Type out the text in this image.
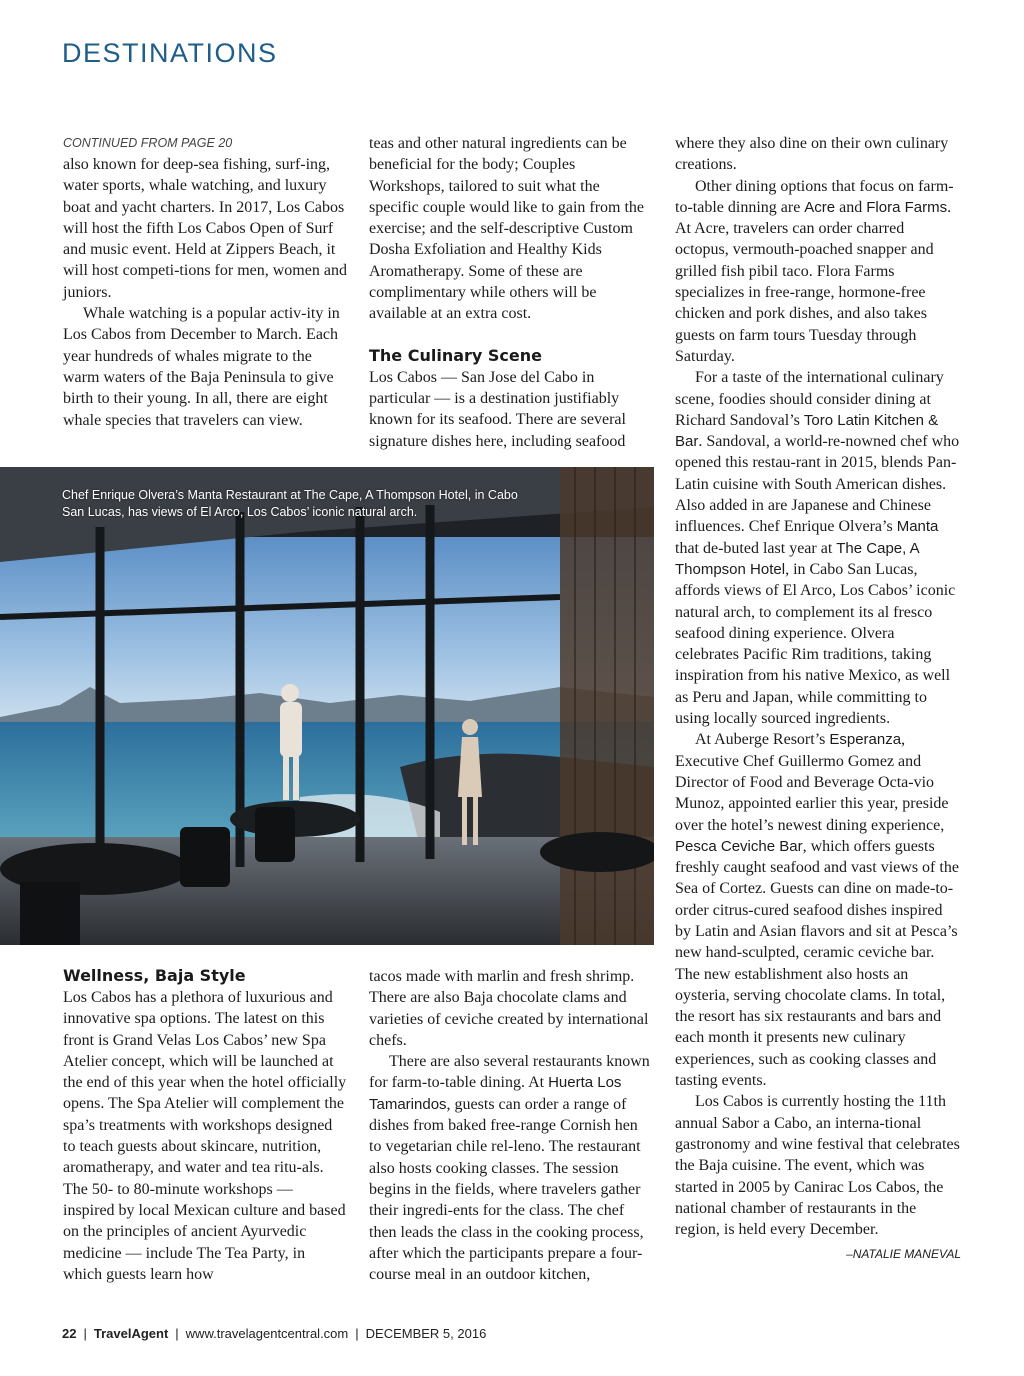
DESTINATIONS
CONTINUED FROM PAGE 20

also known for deep-sea fishing, surf-ing, water sports, whale watching, and luxury boat and yacht charters. In 2017, Los Cabos will host the fifth Los Cabos Open of Surf and music event. Held at Zippers Beach, it will host competi-tions for men, women and juniors.

Whale watching is a popular activ-ity in Los Cabos from December to March. Each year hundreds of whales migrate to the warm waters of the Baja Peninsula to give birth to their young. In all, there are eight whale species that travelers can view.

teas and other natural ingredients can be beneficial for the body; Couples Workshops, tailored to suit what the specific couple would like to gain from the exercise; and the self-descriptive Custom Dosha Exfoliation and Healthy Kids Aromatherapy. Some of these are complimentary while others will be available at an extra cost.

The Culinary Scene

Los Cabos — San Jose del Cabo in particular — is a destination justifiably known for its seafood. There are several signature dishes here, including seafood

Chef Enrique Olvera’s Manta Restaurant at The Cape, A Thompson Hotel, in Cabo San Lucas, has views of El Arco, Los Cabos’ iconic natural arch.
Wellness, Baja Style

Los Cabos has a plethora of luxurious and innovative spa options. The latest on this front is Grand Velas Los Cabos’ new Spa Atelier concept, which will be launched at the end of this year when the hotel officially opens. The Spa Atelier will complement the spa’s treatments with workshops designed to teach guests about skincare, nutrition, aromatherapy, and water and tea ritu-als. The 50- to 80-minute workshops — inspired by local Mexican culture and based on the principles of ancient Ayurvedic medicine — include The Tea Party, in which guests learn how

tacos made with marlin and fresh shrimp. There are also Baja chocolate clams and varieties of ceviche created by international chefs.

There are also several restaurants known for farm-to-table dining. At Huerta Los Tamarindos, guests can order a range of dishes from baked free-range Cornish hen to vegetarian chile rel-leno. The restaurant also hosts cooking classes. The session begins in the fields, where travelers gather their ingredi-ents for the class. The chef then leads the class in the cooking process, after which the participants prepare a four-course meal in an outdoor kitchen,

where they also dine on their own culinary creations.

Other dining options that focus on farm-to-table dinning are Acre and Flora Farms. At Acre, travelers can order charred octopus, vermouth-poached snapper and grilled fish pibil taco. Flora Farms specializes in free-range, hormone-free chicken and pork dishes, and also takes guests on farm tours Tuesday through Saturday.

For a taste of the international culinary scene, foodies should consider dining at Richard Sandoval’s Toro Latin Kitchen & Bar. Sandoval, a world-re-nowned chef who opened this restau-rant in 2015, blends Pan-Latin cuisine with South American dishes. Also added in are Japanese and Chinese influences. Chef Enrique Olvera’s Manta that de-buted last year at The Cape, A Thompson Hotel, in Cabo San Lucas, affords views of El Arco, Los Cabos’ iconic natural arch, to complement its al fresco seafood dining experience. Olvera celebrates Pacific Rim traditions, taking inspiration from his native Mexico, as well as Peru and Japan, while committing to using locally sourced ingredients.

At Auberge Resort’s Esperanza, Executive Chef Guillermo Gomez and Director of Food and Beverage Octa-vio Munoz, appointed earlier this year, preside over the hotel’s newest dining experience, Pesca Ceviche Bar, which offers guests freshly caught seafood and vast views of the Sea of Cortez. Guests can dine on made-to-order citrus-cured seafood dishes inspired by Latin and Asian flavors and sit at Pesca’s new hand-sculpted, ceramic ceviche bar. The new establishment also hosts an oysteria, serving chocolate clams. In total, the resort has six restaurants and bars and each month it presents new culinary experiences, such as cooking classes and tasting events.

Los Cabos is currently hosting the 11th annual Sabor a Cabo, an interna-tional gastronomy and wine festival that celebrates the Baja cuisine. The event, which was started in 2005 by Canirac Los Cabos, the national chamber of restaurants in the region, is held every December.
–NATALIE MANEVAL

22 | TravelAgent | www.travelagentcentral.com | DECEMBER 5, 2016
